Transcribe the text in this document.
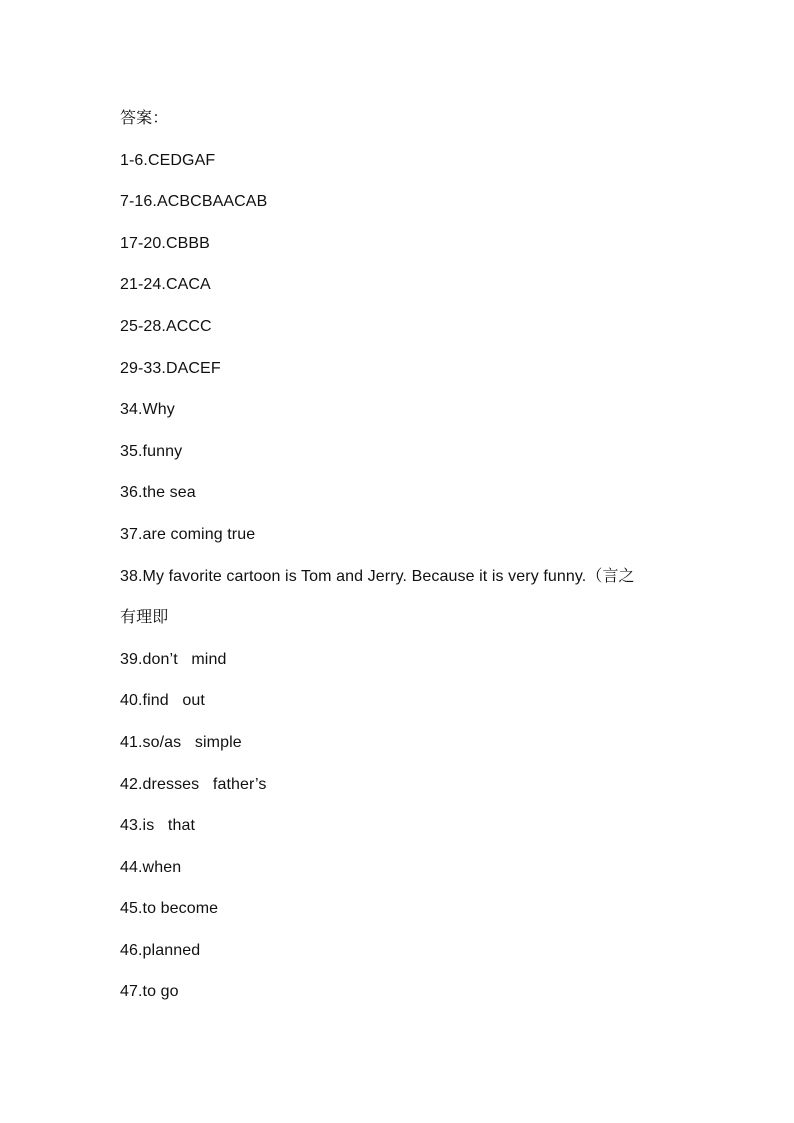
答案：
1-6.CEDGAF
7-16.ACBCBAACAB
17-20.CBBB
21-24.CACA
25-28.ACCC
29-33.DACEF
34.Why
35.funny
36.the sea
37.are coming true
38.My favorite cartoon is Tom and Jerry. Because it is very funny.（言之
有理即
39.don’t   mind
40.find   out
41.so/as   simple
42.dresses   father’s
43.is   that
44.when
45.to become
46.planned
47.to go
